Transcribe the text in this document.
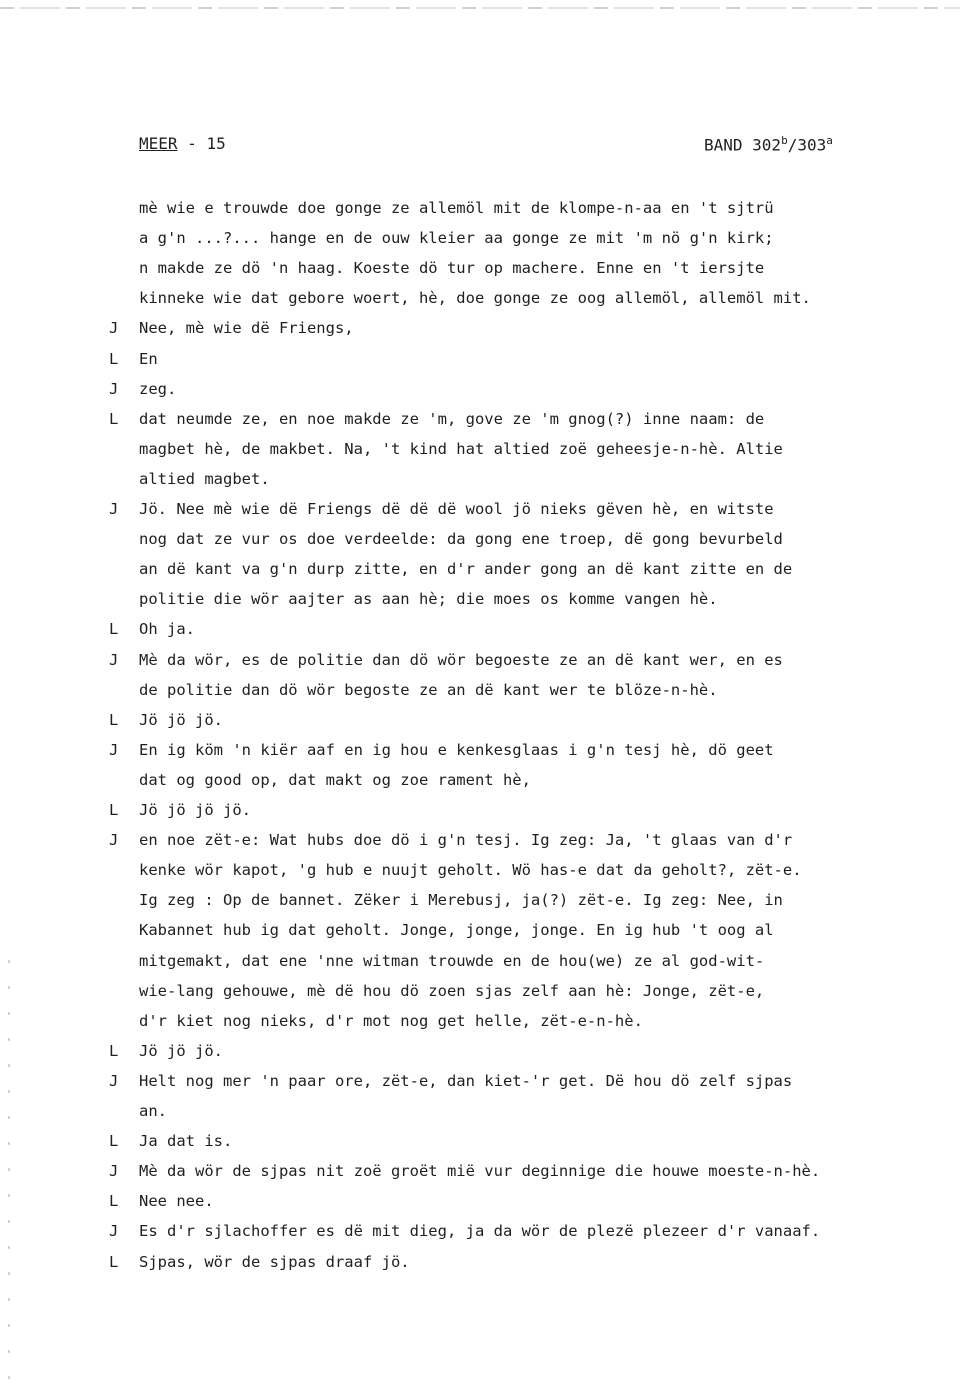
MEER - 15	BAND 302$^b$/303$^a$
mè wie e trouwde doe gonge ze allemöl mit de klompe-n-aa en 't sjtrü
a g'n ...?... hange en de ouw kleier aa gonge ze mit 'm nö g'n kirk;
n makde ze dö 'n haag. Koeste dö tur op machere. Enne en 't iersjte
kinneke wie dat gebore woert, hè, doe gonge ze oog allemöl, allemöl mit.
J	Nee, mè wie dë Friengs,
L	En
J	zeg.
L	dat neumde ze, en noe makde ze 'm, gove ze 'm gnog(?) inne naam: de
magbet hè, de makbet. Na, 't kind hat altied zoë geheesje-n-hè. Altie
altied magbet.
J	Jö. Nee mè wie dë Friengs dë dë dë wool jö nieks gëven hè, en witste
nog dat ze vur os doe verdeelde: da gong ene troep, dë gong bevurbeld
an dë kant va g'n durp zitte, en d'r ander gong an dë kant zitte en de
politie die wör aajter as aan hè; die moes os komme vangen hè.
L	Oh ja.
J	Mè da wör, es de politie dan dö wör begoeste ze an dë kant wer, en es
de politie dan dö wör begoste ze an dë kant wer te blöze-n-hè.
L	Jö jö jö.
J	En ig köm 'n kiër aaf en ig hou e kenkesglaas i g'n tesj hè, dö geet
dat og good op, dat makt og zoe rament hè,
L	Jö jö jö jö.
J	en noe zët-e: Wat hubs doe dö i g'n tesj. Ig zeg: Ja, 't glaas van d'r
kenke wör kapot, 'g hub e nuujt geholt. Wö has-e dat da geholt?, zët-e.
Ig zeg : Op de bannet. Zëker i Merebusj, ja(?) zët-e. Ig zeg: Nee, in
Kabannet hub ig dat geholt. Jonge, jonge, jonge. En ig hub 't oog al
mitgemakt, dat ene 'nne witman trouwde en de hou(we) ze al god-wit-
wie-lang gehouwe, mè dë hou dö zoen sjas zelf aan hè: Jonge, zët-e,
d'r kiet nog nieks, d'r mot nog get helle, zët-e-n-hè.
L	Jö jö jö.
J	Helt nog mer 'n paar ore, zët-e, dan kiet-'r get. Dë hou dö zelf sjpas
an.
L	Ja dat is.
J	Mè da wör de sjpas nit zoë groët mië vur deginnige die houwe moeste-n-hè.
L	Nee nee.
J	Es d'r sjlachoffer es dë mit dieg, ja da wör de plezë plezeer d'r vanaaf.
L	Sjpas, wör de sjpas draaf jö.
